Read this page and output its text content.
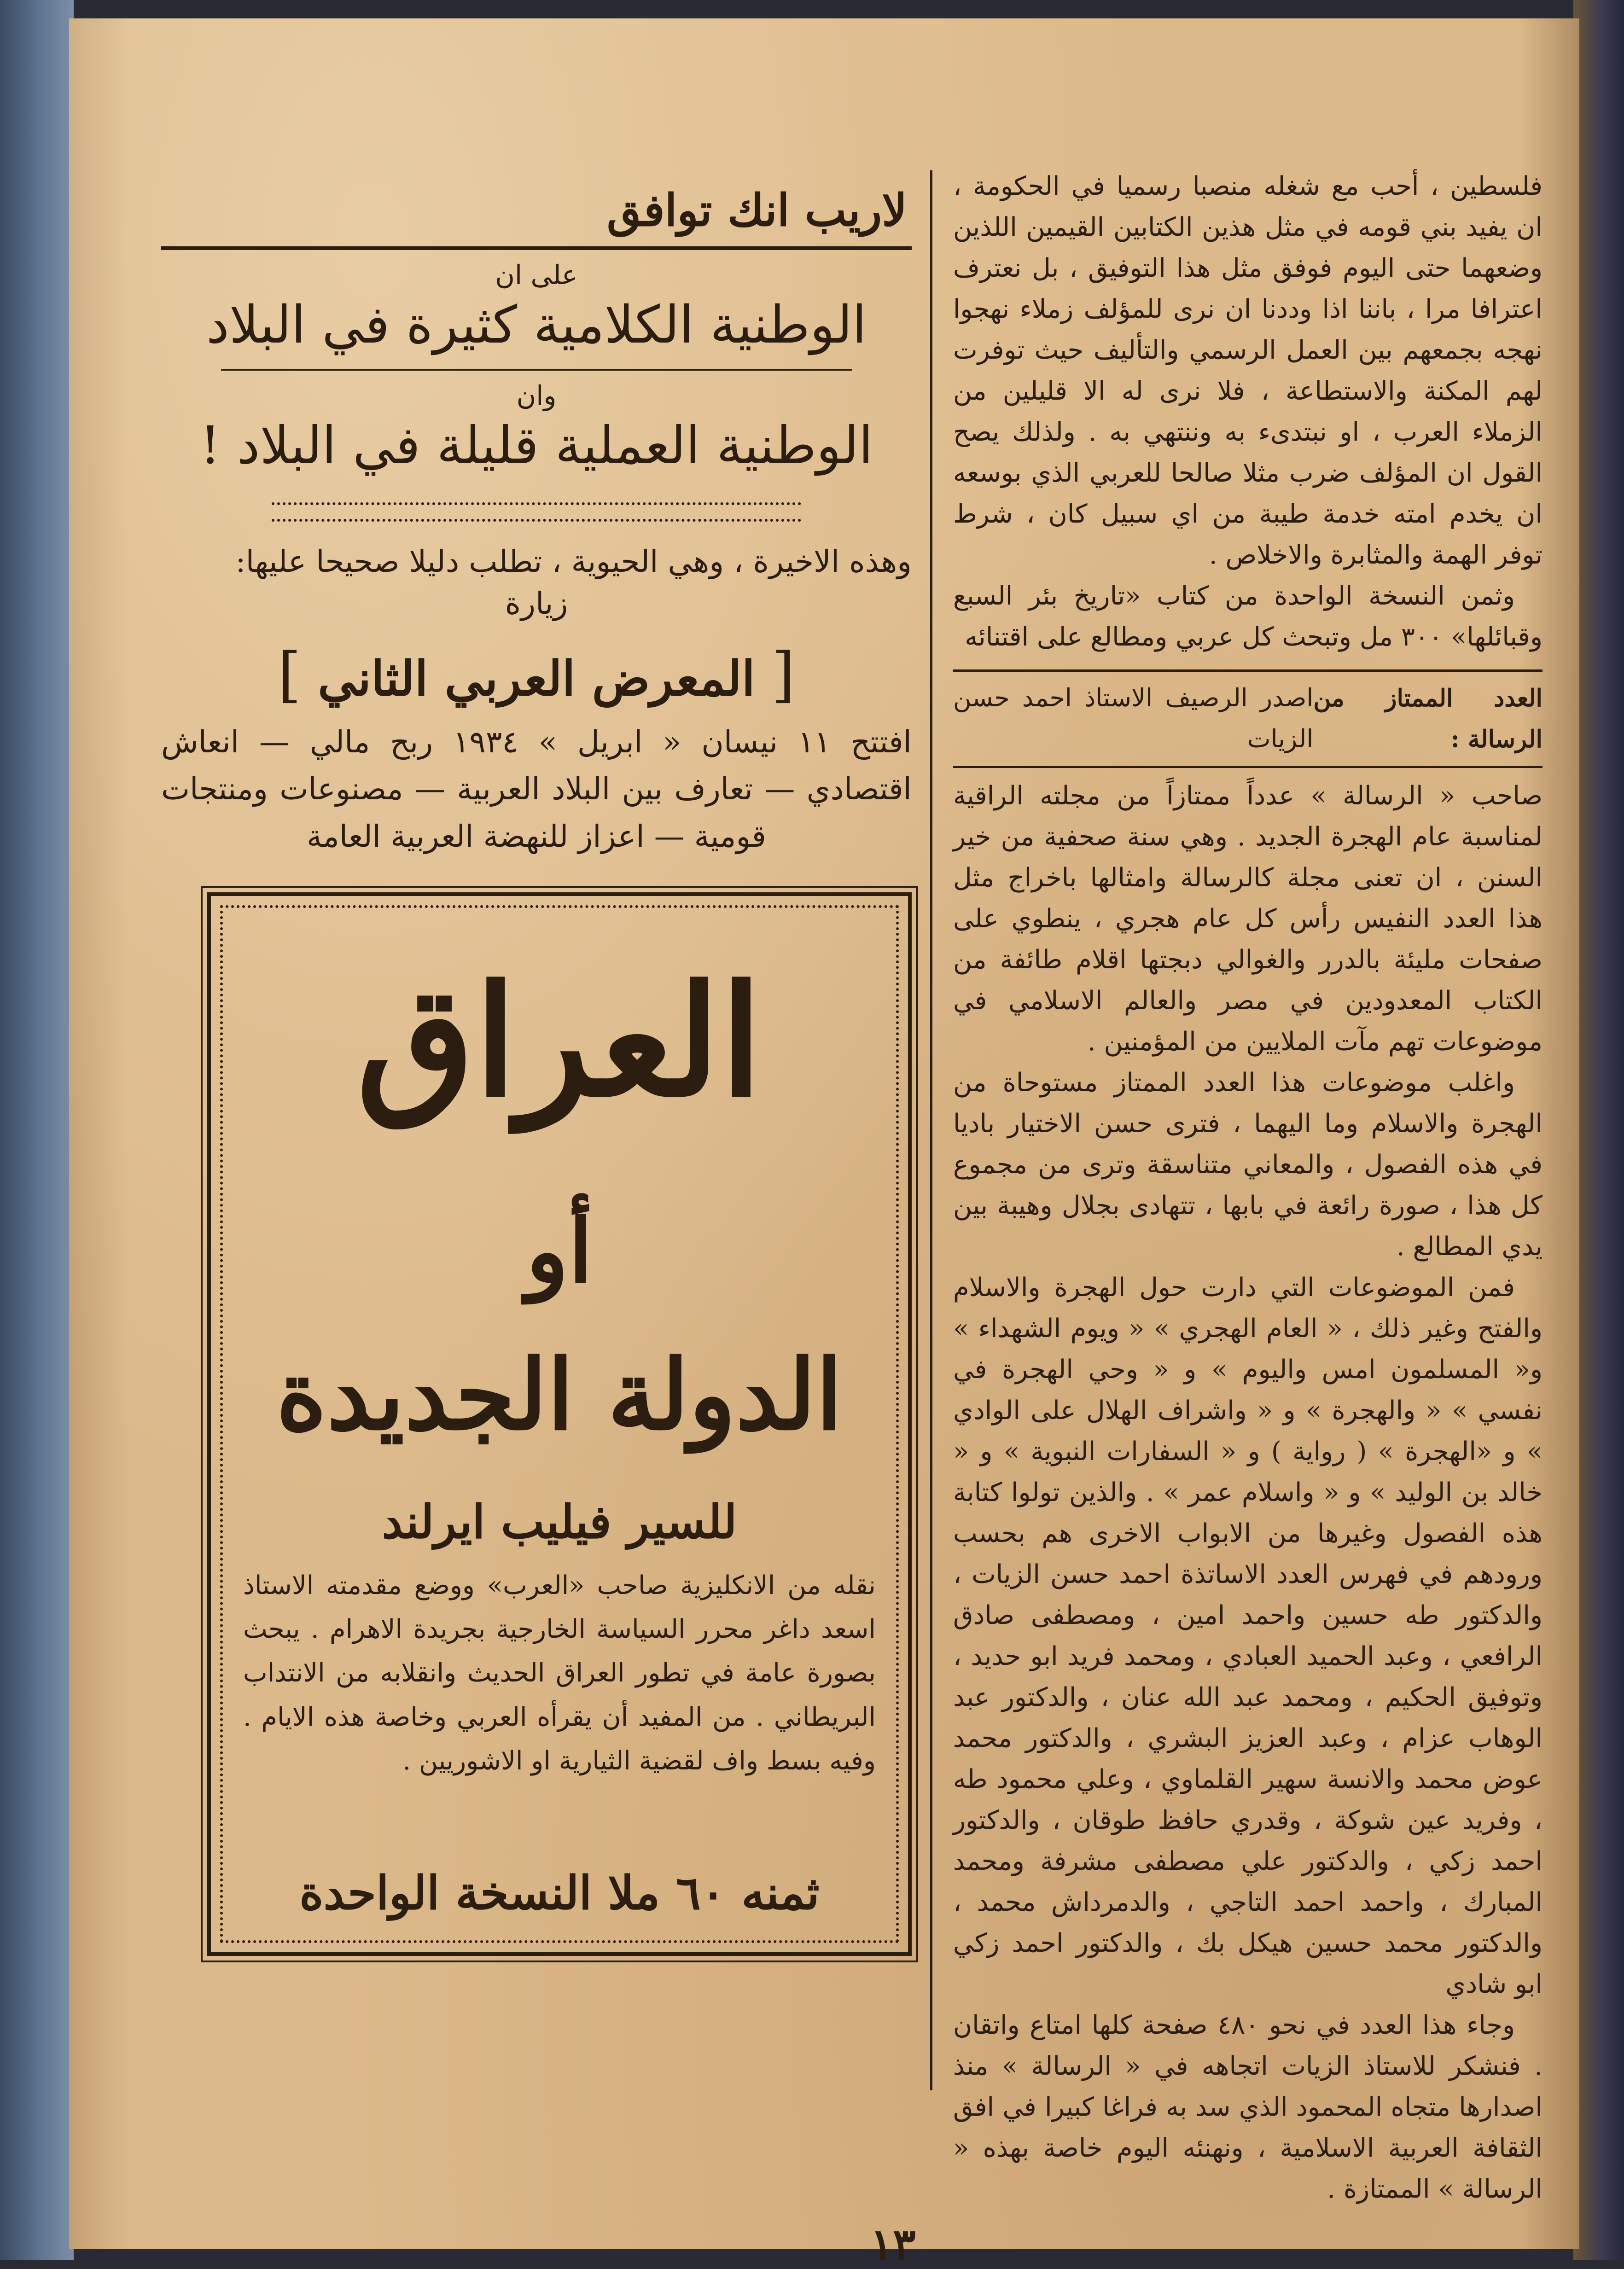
لاريب انك توافق

على ان

الوطنية الكلامية كثيرة في البلاد

وان

الوطنية العملية قليلة في البلاد !

وهذه الاخيرة ، وهي الحيوية ، تطلب دليلا صحيحا عليها:

زيارة

[ المعرض العربي الثاني ]

افتتح ١١ نيسان « ابريل » ١٩٣٤ ربح مالي — انعاش اقتصادي — تعارف بين البلاد العربية — مصنوعات ومنتجات قومية — اعزاز للنهضة العربية العامة

العراق
أو
الدولة الجديدة
للسير فيليب ايرلند
نقله من الانكليزية صاحب «العرب» ووضع مقدمته الاستاذ اسعد داغر محرر السياسة الخارجية بجريدة الاهرام . يبحث بصورة عامة في تطور العراق الحديث وانقلابه من الانتداب البريطاني . من المفيد أن يقرأه العربي وخاصة هذه الايام . وفيه بسط واف لقضية الثيارية او الاشوريين .
ثمنه ٦٠ ملا النسخة الواحدة

فلسطين ، أحب مع شغله منصبا رسميا في الحكومة ، ان يفيد بني قومه في مثل هذين الكتابين القيمين اللذين وضعهما حتى اليوم فوفق مثل هذا التوفيق ، بل نعترف اعترافا مرا ، باننا اذا وددنا ان نرى للمؤلف زملاء نهجوا نهجه بجمعهم بين العمل الرسمي والتأليف حيث توفرت لهم المكنة والاستطاعة ، فلا نرى له الا قليلين من الزملاء العرب ، او نبتدىء به وننتهي به . ولذلك يصح القول ان المؤلف ضرب مثلا صالحا للعربي الذي بوسعه ان يخدم امته خدمة طيبة من اي سبيل كان ، شرط توفر الهمة والمثابرة والاخلاص .

وثمن النسخة الواحدة من كتاب «تاريخ بئر السبع وقبائلها» ٣٠٠ مل وتبحث كل عربي ومطالع على اقتنائه

العدد الممتاز من الرسالة :
اصدر الرصيف الاستاذ احمد حسن الزيات

صاحب « الرسالة » عدداً ممتازاً من مجلته الراقية لمناسبة عام الهجرة الجديد . وهي سنة صحفية من خير السنن ، ان تعنى مجلة كالرسالة وامثالها باخراج مثل هذا العدد النفيس رأس كل عام هجري ، ينطوي على صفحات مليئة بالدرر والغوالي دبجتها اقلام طائفة من الكتاب المعدودين في مصر والعالم الاسلامي في موضوعات تهم مآت الملايين من المؤمنين .

واغلب موضوعات هذا العدد الممتاز مستوحاة من الهجرة والاسلام وما اليهما ، فترى حسن الاختيار باديا في هذه الفصول ، والمعاني متناسقة وترى من مجموع كل هذا ، صورة رائعة في بابها ، تتهادى بجلال وهيبة بين يدي المطالع .

فمن الموضوعات التي دارت حول الهجرة والاسلام والفتح وغير ذلك ، « العام الهجري » « ويوم الشهداء » و« المسلمون امس واليوم » و « وحي الهجرة في نفسي » « والهجرة » و « واشراف الهلال على الوادي » و «الهجرة » ( رواية ) و « السفارات النبوية » و « خالد بن الوليد » و « واسلام عمر » . والذين تولوا كتابة هذه الفصول وغيرها من الابواب الاخرى هم بحسب ورودهم في فهرس العدد الاساتذة احمد حسن الزيات ، والدكتور طه حسين واحمد امين ، ومصطفى صادق الرافعي ، وعبد الحميد العبادي ، ومحمد فريد ابو حديد ، وتوفيق الحكيم ، ومحمد عبد الله عنان ، والدكتور عبد الوهاب عزام ، وعبد العزيز البشري ، والدكتور محمد عوض محمد والانسة سهير القلماوي ، وعلي محمود طه ، وفريد عين شوكة ، وقدري حافظ طوقان ، والدكتور احمد زكي ، والدكتور علي مصطفى مشرفة ومحمد المبارك ، واحمد احمد التاجي ، والدمرداش محمد ، والدكتور محمد حسين هيكل بك ، والدكتور احمد زكي ابو شادي

وجاء هذا العدد في نحو ٤٨٠ صفحة كلها امتاع واتقان . فنشكر للاستاذ الزيات اتجاهه في « الرسالة » منذ اصدارها متجاه المحمود الذي سد به فراغا كبيرا في افق الثقافة العربية الاسلامية ، ونهنئه اليوم خاصة بهذه « الرسالة » الممتازة .

١٣
